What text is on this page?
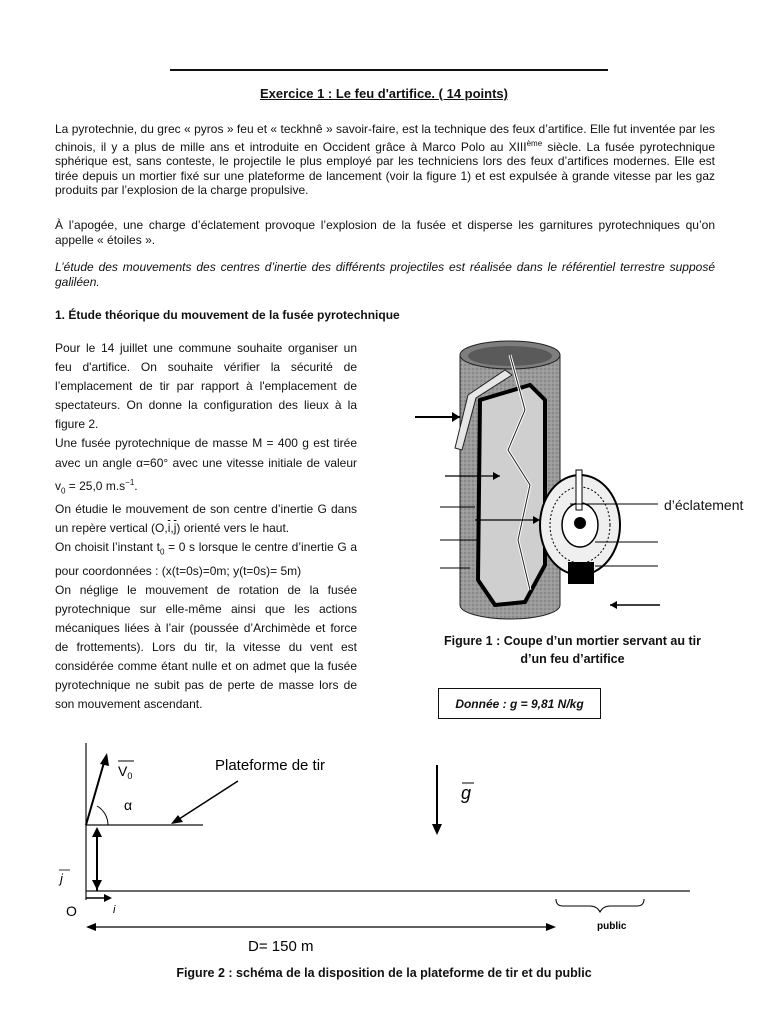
Exercice 1 : Le feu d'artifice. ( 14 points)
La pyrotechnie, du grec « pyros » feu et « teckhnê » savoir-faire, est la technique des feux d’artifice. Elle fut inventée par les chinois, il y a plus de mille ans et introduite en Occident grâce à Marco Polo au XIIIème siècle. La fusée pyrotechnique sphérique est, sans conteste, le projectile le plus employé par les techniciens lors des feux d’artifices modernes. Elle est tirée depuis un mortier fixé sur une plateforme de lancement (voir la figure 1) et est expulsée à grande vitesse par les gaz produits par l’explosion de la charge propulsive.
À l’apogée, une charge d’éclatement provoque l’explosion de la fusée et disperse les garnitures pyrotechniques qu’on appelle « étoiles ».
L’étude des mouvements des centres d’inertie des différents projectiles est réalisée dans le référentiel terrestre supposé galiléen.
1. Étude théorique du mouvement de la fusée pyrotechnique

Pour le 14 juillet une commune souhaite organiser un feu d'artifice. On souhaite vérifier la sécurité de l’emplacement de tir par rapport à l'emplacement de spectateurs. On donne la configuration des lieux à la figure 2.

Une fusée pyrotechnique de masse M = 400 g est tirée avec un angle α=60° avec une vitesse initiale de valeur $v_0 = 25,0$ $m.s^{-1}$.

On étudie le mouvement de son centre d’inertie G dans un repère vertical $(O,\overline{i},\overline{j})$ orienté vers le haut.

On choisit l’instant $t_0 = 0$ s lorsque le centre d’inertie G a pour coordonnées : (x(t=0s)=0m; y(t=0s)= 5m)

On néglige le mouvement de rotation de la fusée pyrotechnique sur elle-même ainsi que les actions mécaniques liées à l’air (poussée d’Archimède et force de frottements). Lors du tir, la vitesse du vent est considérée comme étant nulle et on admet que la fusée pyrotechnique ne subit pas de perte de masse lors de son mouvement ascendant.

d’éclatement
Figure 1 : Coupe d’un mortier servant au tir d’un feu d’artifice
Donnée : g = 9,81 N/kg
$V_0$
α
Plateforme de tir
g
j
O	i
D= 150 m
public
Figure 2 : schéma de la disposition de la plateforme de tir et du public
